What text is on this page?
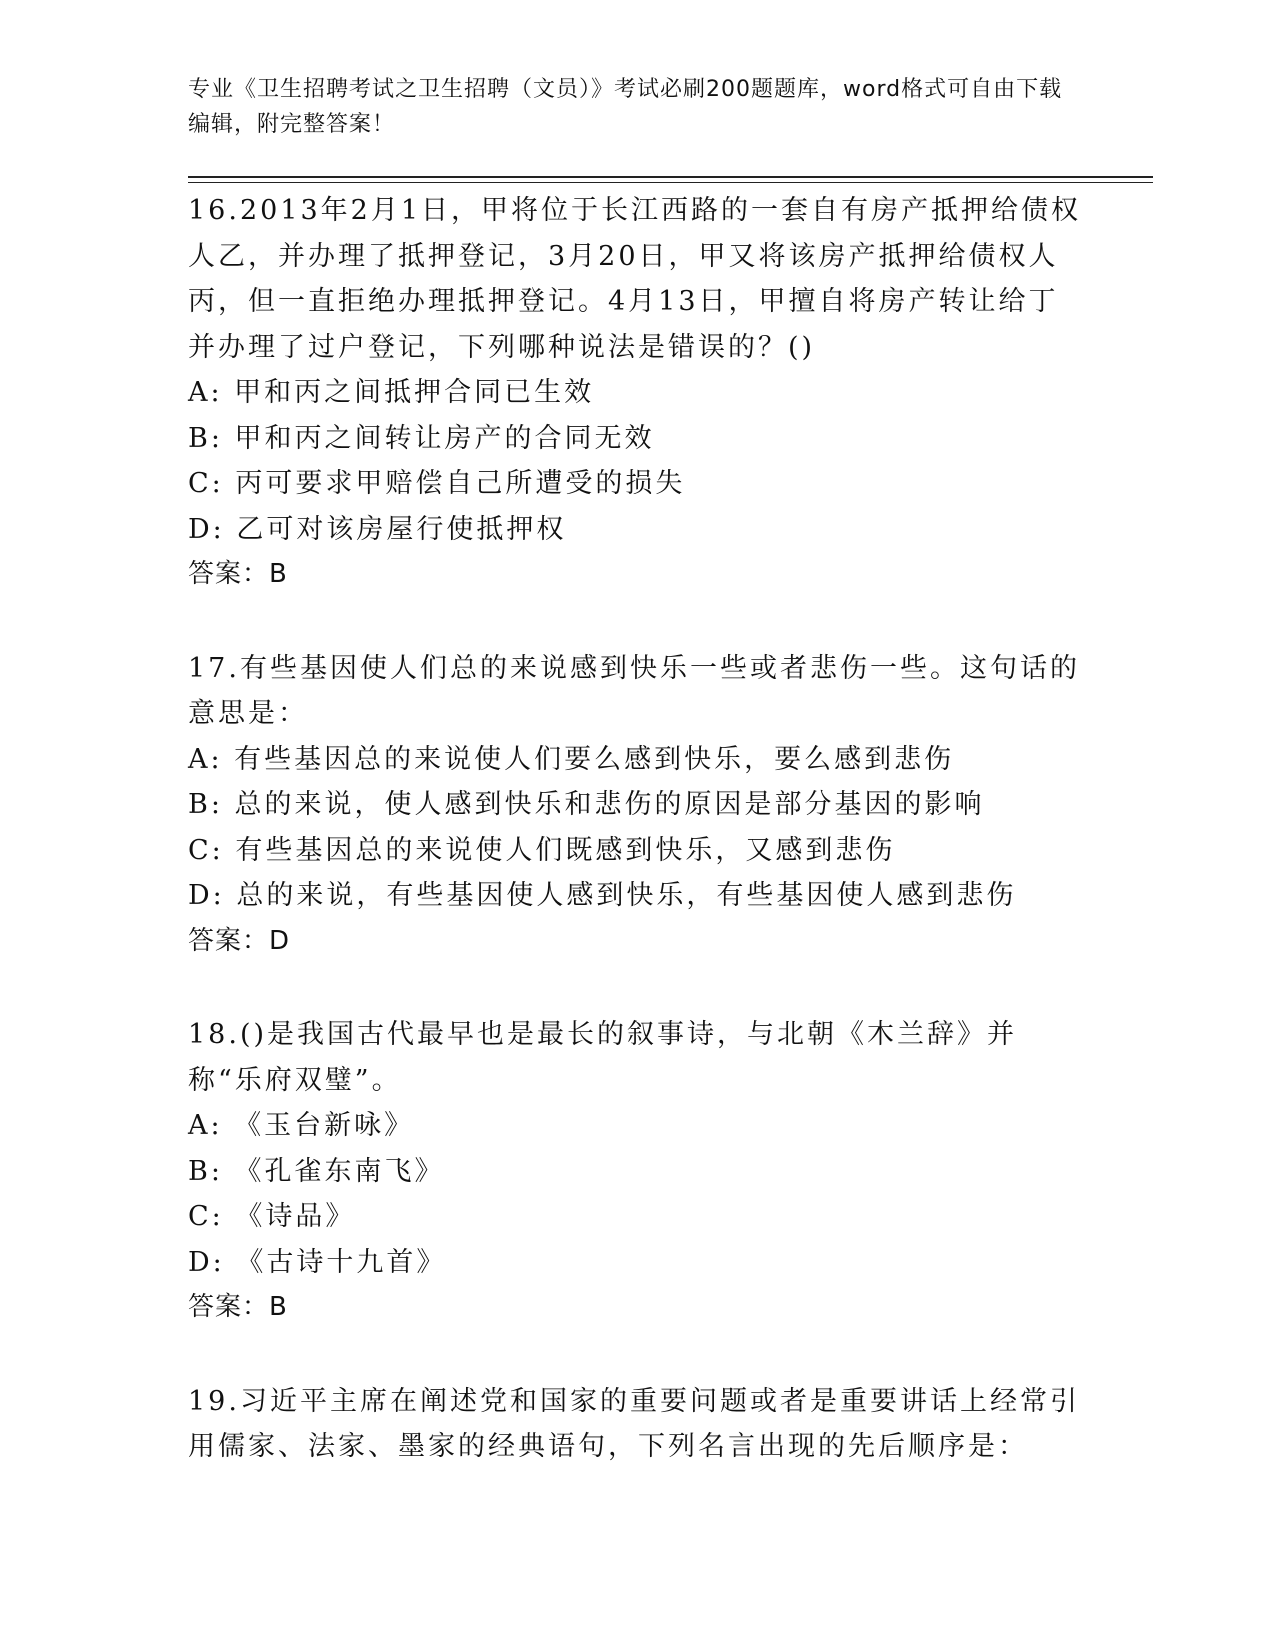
专业《卫生招聘考试之卫生招聘（文员）》考试必刷200题题库，word格式可自由下载编辑，附完整答案！
16.2013年2月1日，甲将位于长江西路的一套自有房产抵押给债权人乙，并办理了抵押登记，3月20日，甲又将该房产抵押给债权人丙，但一直拒绝办理抵押登记。4月13日，甲擅自将房产转让给丁并办理了过户登记，下列哪种说法是错误的？()
A: 甲和丙之间抵押合同已生效
B: 甲和丙之间转让房产的合同无效
C: 丙可要求甲赔偿自己所遭受的损失
D: 乙可对该房屋行使抵押权
答案：B
17.有些基因使人们总的来说感到快乐一些或者悲伤一些。这句话的意思是：
A: 有些基因总的来说使人们要么感到快乐，要么感到悲伤
B: 总的来说，使人感到快乐和悲伤的原因是部分基因的影响
C: 有些基因总的来说使人们既感到快乐，又感到悲伤
D: 总的来说，有些基因使人感到快乐，有些基因使人感到悲伤
答案：D
18.()是我国古代最早也是最长的叙事诗，与北朝《木兰辞》并称“乐府双璧”。
A: 《玉台新咏》
B: 《孔雀东南飞》
C: 《诗品》
D: 《古诗十九首》
答案：B
19.习近平主席在阐述党和国家的重要问题或者是重要讲话上经常引用儒家、法家、墨家的经典语句，下列名言出现的先后顺序是：
